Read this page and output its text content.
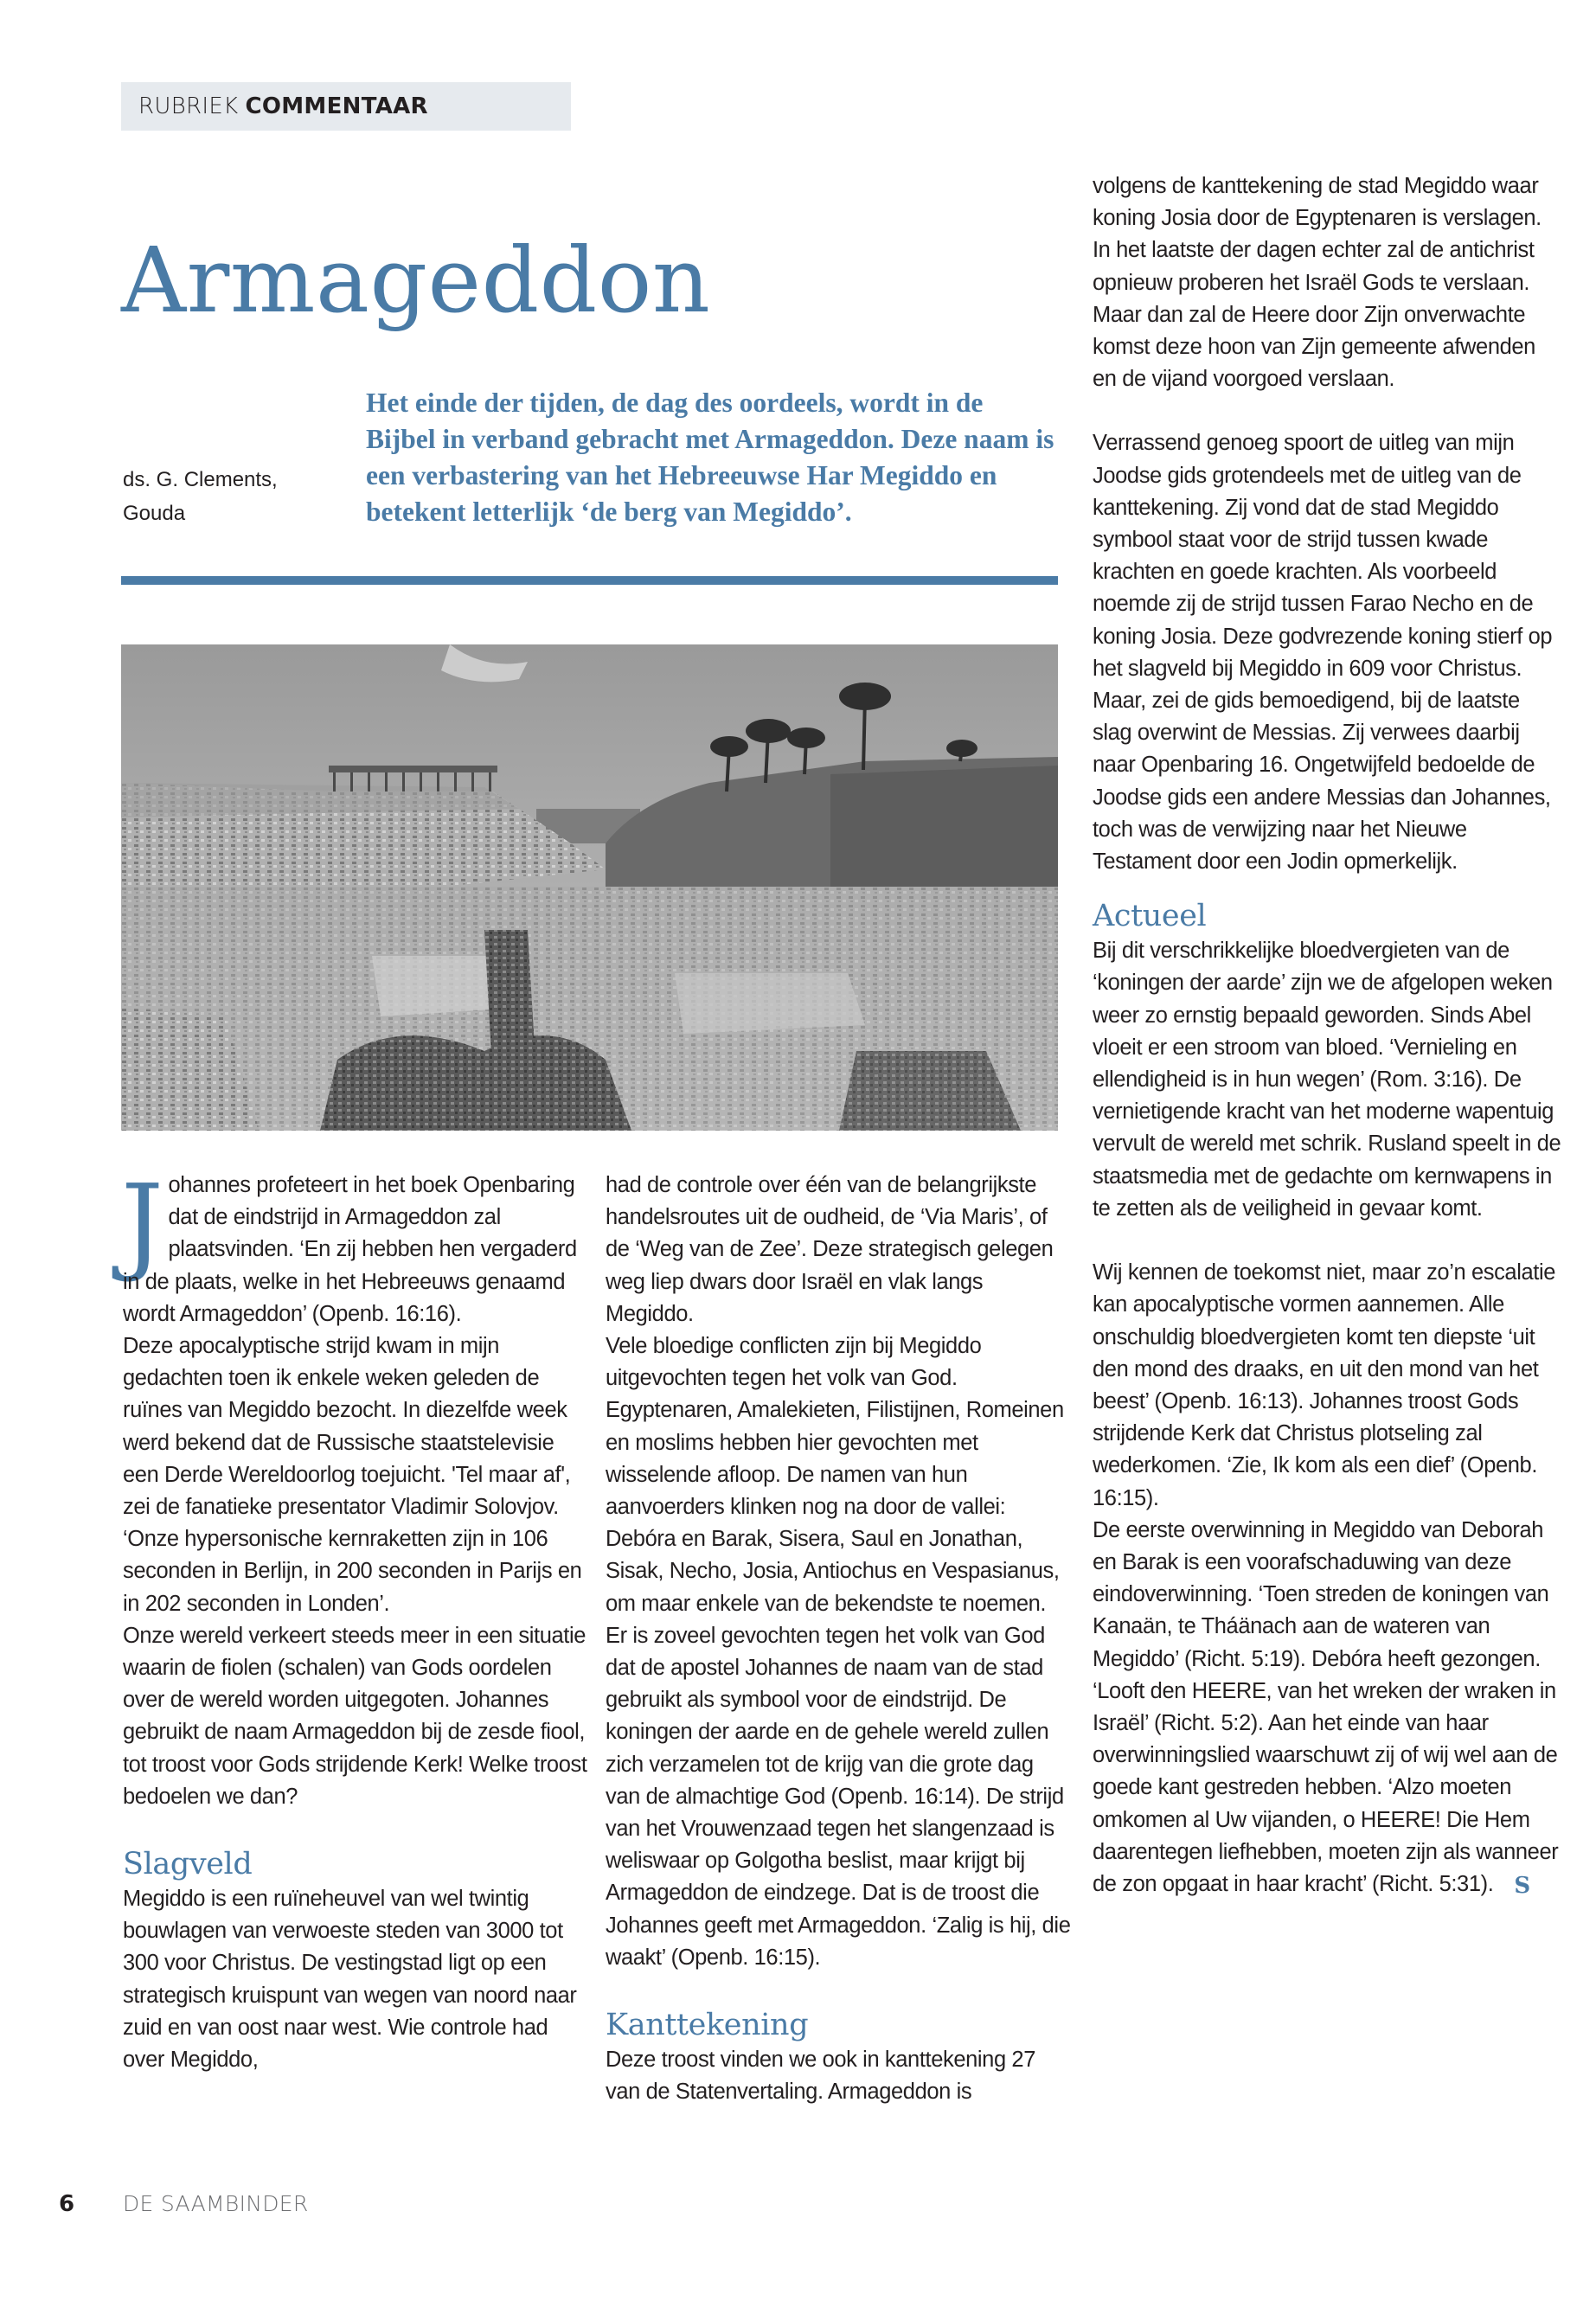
RUBRIEK COMMENTAAR
Armageddon
ds. G. Clements,
Gouda

Het einde der tijden, de dag des oordeels, wordt in de Bijbel in verband gebracht met Armageddon. Deze naam is een verbastering van het Hebreeuwse Har Megiddo en betekent letterlijk ‘de berg van Megiddo’.

J ohannes profeteert in het boek Openbaring dat de eindstrijd in Armageddon zal plaatsvinden. ‘En zij hebben hen vergaderd in de plaats, welke in het Hebreeuws genaamd wordt Armageddon’ (Openb. 16:16).

Deze apocalyptische strijd kwam in mijn gedachten toen ik enkele weken geleden de ruïnes van Megiddo bezocht. In diezelfde week werd bekend dat de Russische staatstelevisie een Derde Wereldoorlog toejuicht. 'Tel maar af', zei de fanatieke presentator Vladimir Solovjov. ‘Onze hypersonische kernraketten zijn in 106 seconden in Berlijn, in 200 seconden in Parijs en in 202 seconden in Londen’.

Onze wereld verkeert steeds meer in een situatie waarin de fiolen (schalen) van Gods oordelen over de wereld worden uitgegoten. Johannes gebruikt de naam Armageddon bij de zesde fiool, tot troost voor Gods strijdende Kerk! Welke troost bedoelen we dan?

Slagveld

Megiddo is een ruïneheuvel van wel twintig bouwlagen van verwoeste steden van 3000 tot 300 voor Christus. De vestingstad ligt op een strategisch kruispunt van wegen van noord naar zuid en van oost naar west. Wie controle had over Megiddo,

had de controle over één van de belangrijkste handelsroutes uit de oudheid, de ‘Via Maris’, of de ‘Weg van de Zee’. Deze strategisch gelegen weg liep dwars door Israël en vlak langs Megiddo.

Vele bloedige conflicten zijn bij Megiddo uitgevochten tegen het volk van God. Egyptenaren, Amalekieten, Filistijnen, Romeinen en moslims hebben hier gevochten met wisselende afloop. De namen van hun aanvoerders klinken nog na door de vallei: Debóra en Barak, Sisera, Saul en Jonathan, Sisak, Necho, Josia, Antiochus en Vespasianus, om maar enkele van de bekendste te noemen.

Er is zoveel gevochten tegen het volk van God dat de apostel Johannes de naam van de stad gebruikt als symbool voor de eindstrijd. De koningen der aarde en de gehele wereld zullen zich verzamelen tot de krijg van die grote dag van de almachtige God (Openb. 16:14). De strijd van het Vrouwenzaad tegen het slangenzaad is weliswaar op Golgotha beslist, maar krijgt bij Armageddon de eindzege. Dat is de troost die Johannes geeft met Armageddon. ‘Zalig is hij, die waakt’ (Openb. 16:15).

Kanttekening

Deze troost vinden we ook in kanttekening 27 van de Statenvertaling. Armageddon is

volgens de kanttekening de stad Megiddo waar koning Josia door de Egyptenaren is verslagen. In het laatste der dagen echter zal de antichrist opnieuw proberen het Israël Gods te verslaan. Maar dan zal de Heere door Zijn onverwachte komst deze hoon van Zijn gemeente afwenden en de vijand voorgoed verslaan.

Verrassend genoeg spoort de uitleg van mijn Joodse gids grotendeels met de uitleg van de kanttekening. Zij vond dat de stad Megiddo symbool staat voor de strijd tussen kwade krachten en goede krachten. Als voorbeeld noemde zij de strijd tussen Farao Necho en de koning Josia. Deze godvrezende koning stierf op het slagveld bij Megiddo in 609 voor Christus. Maar, zei de gids bemoedigend, bij de laatste slag overwint de Messias. Zij verwees daarbij naar Openbaring 16. Ongetwijfeld bedoelde de Joodse gids een andere Messias dan Johannes, toch was de verwijzing naar het Nieuwe Testament door een Jodin opmerkelijk.

Actueel

Bij dit verschrikkelijke bloedvergieten van de ‘koningen der aarde’ zijn we de afgelopen weken weer zo ernstig bepaald geworden. Sinds Abel vloeit er een stroom van bloed. ‘Vernieling en ellendigheid is in hun wegen’ (Rom. 3:16). De vernietigende kracht van het moderne wapentuig vervult de wereld met schrik. Rusland speelt in de staatsmedia met de gedachte om kernwapens in te zetten als de veiligheid in gevaar komt.

Wij kennen de toekomst niet, maar zo’n escalatie kan apocalyptische vormen aannemen. Alle onschuldig bloedvergieten komt ten diepste ‘uit den mond des draaks, en uit den mond van het beest’ (Openb. 16:13). Johannes troost Gods strijdende Kerk dat Christus plotseling zal wederkomen. ‘Zie, Ik kom als een dief’ (Openb. 16:15).

De eerste overwinning in Megiddo van Deborah en Barak is een voorafschaduwing van deze eindoverwinning. ‘Toen streden de koningen van Kanaän, te Tháänach aan de wateren van Megiddo’ (Richt. 5:19). Debóra heeft gezongen. ‘Looft den HEERE, van het wreken der wraken in Israël’ (Richt. 5:2). Aan het einde van haar overwinningslied waarschuwt zij of wij wel aan de goede kant gestreden hebben. ‘Alzo moeten omkomen al Uw vijanden, o HEERE! Die Hem daarentegen liefhebben, moeten zijn als wanneer de zon opgaat in haar kracht’ (Richt. 5:31). S

6	DE SAAMBINDER
